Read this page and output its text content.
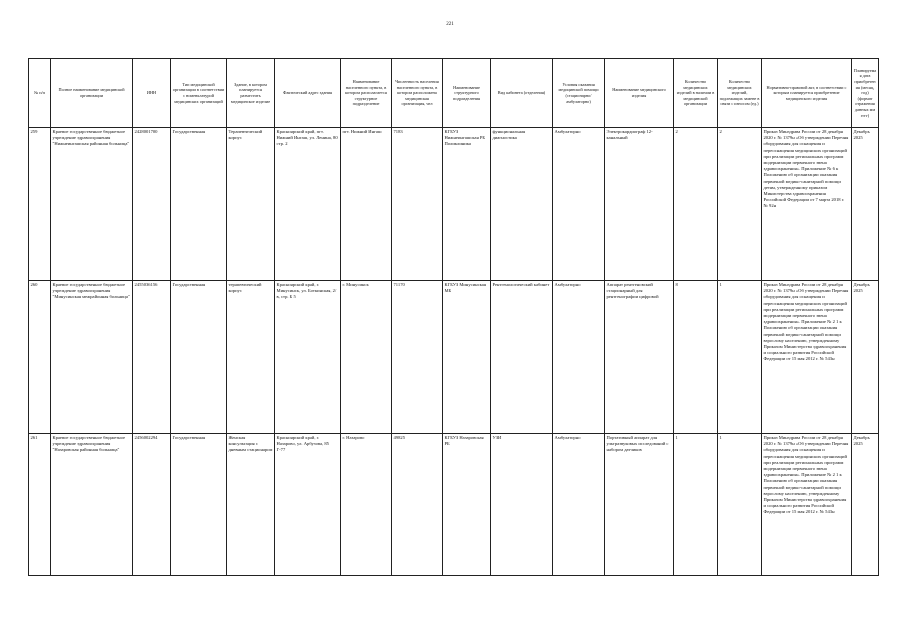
221
№ п/п	Полное наименование медицинской организации	ИНН	Тип медицинской организации в соответствии с номенклатурой медицинских организаций	Здание, в котором планируется разместить медицинское изделие	Фактический адрес здания	Наименование населенного пункта, в котором располагается структурное подразделение	Численность населения населенного пункта, в котором расположена медицинская организация, чел	Наименование структурного подразделения	Вид кабинета (отделения)	Условия оказания медицинской помощи (стационарно/ амбулаторно)	Наименование медицинского изделия	Количество медицинских изделий в наличии в медицинской организации	Количество медицинских изделий, подлежащих замене в связи с износом (ед.)	Нормативно-правовой акт, в соответствии с которым планируется приобретение медицинского изделия	Планируемая дата приобретения (месяц, год) (формат отражения данных мм гггг)
259	Краевое государственное бюджетное учреждение здравоохранения "Нижнеингашская районная больница"	2428001700	Государственная	Терапевтический корпус	Красноярский край, пгт. Нижний Ингаш, ул. Ленина, 80 стр. 2	пгт. Нижний Ингаш	7183	КГБУЗ Нижнеингашская РБ Поликлиника	функциональная диагностика	Амбулаторно	Электрокардиограф 12-канальный	2	2	Приказ Минздрава России от 28 декабря 2020 г. № 1379н «Об утверждении Перечня оборудования для оснащения и переоснащения медицинских организаций при реализации региональных программ модернизации первичного звена здравоохранения». Приложение № 6 к Положению об организации оказания первичной медико-санитарной помощи детям, утвержденному приказом Министерства здравоохранения Российской Федерации от 7 марта 2018 г. № 92н	Декабрь 2025
260	Краевое государственное бюджетное учреждение здравоохранения "Минусинская межрайонная больница"	2455036156	Государственная	терапевтический корпус	Красноярский край, г. Минусинск, ул. Боткинская, 2/в, стр. Б 5	г. Минусинск	71170	КГБУЗ Минусинская МБ	Рентгенологический кабинет	Амбулаторно	Аппарат рентгеновский стационарный для рентгенографии цифровой	8	1	Приказ Минздрава России от 28 декабря 2020 г. № 1379н «Об утверждении Перечня оборудования для оснащения и переоснащения медицинских организаций при реализации региональных программ модернизации первичного звена здравоохранения». Приложение № 2 1 к Положению об организации оказания первичной медико-санитарной помощи взрослому населению, утвержденному Приказом Министерства здравоохранения и социального развития Российской Федерации от 15 мая 2012 г. № 543н	Декабрь 2025
261	Краевое государственное бюджетное учреждение здравоохранения "Назаровская районная больница"	2456002294	Государственная	Женская консультация с дневным стационаром	Красноярский край, г. Назарово, ул. Арбузова, 85 Г-77	г. Назарово	49825	КГБУЗ Назаровская РБ	УЗИ	Амбулаторно	Портативный аппарат для ультразвуковых исследований с набором датчиков	1	1	Приказ Минздрава России от 28 декабря 2020 г. № 1379н «Об утверждении Перечня оборудования для оснащения и переоснащения медицинских организаций при реализации региональных программ модернизации первичного звена здравоохранения». Приложение № 2 1 к Положению об организации оказания первичной медико-санитарной помощи взрослому населению, утвержденному Приказом Министерства здравоохранения и социального развития Российской Федерации от 15 мая 2012 г. № 543н	Декабрь 2025
